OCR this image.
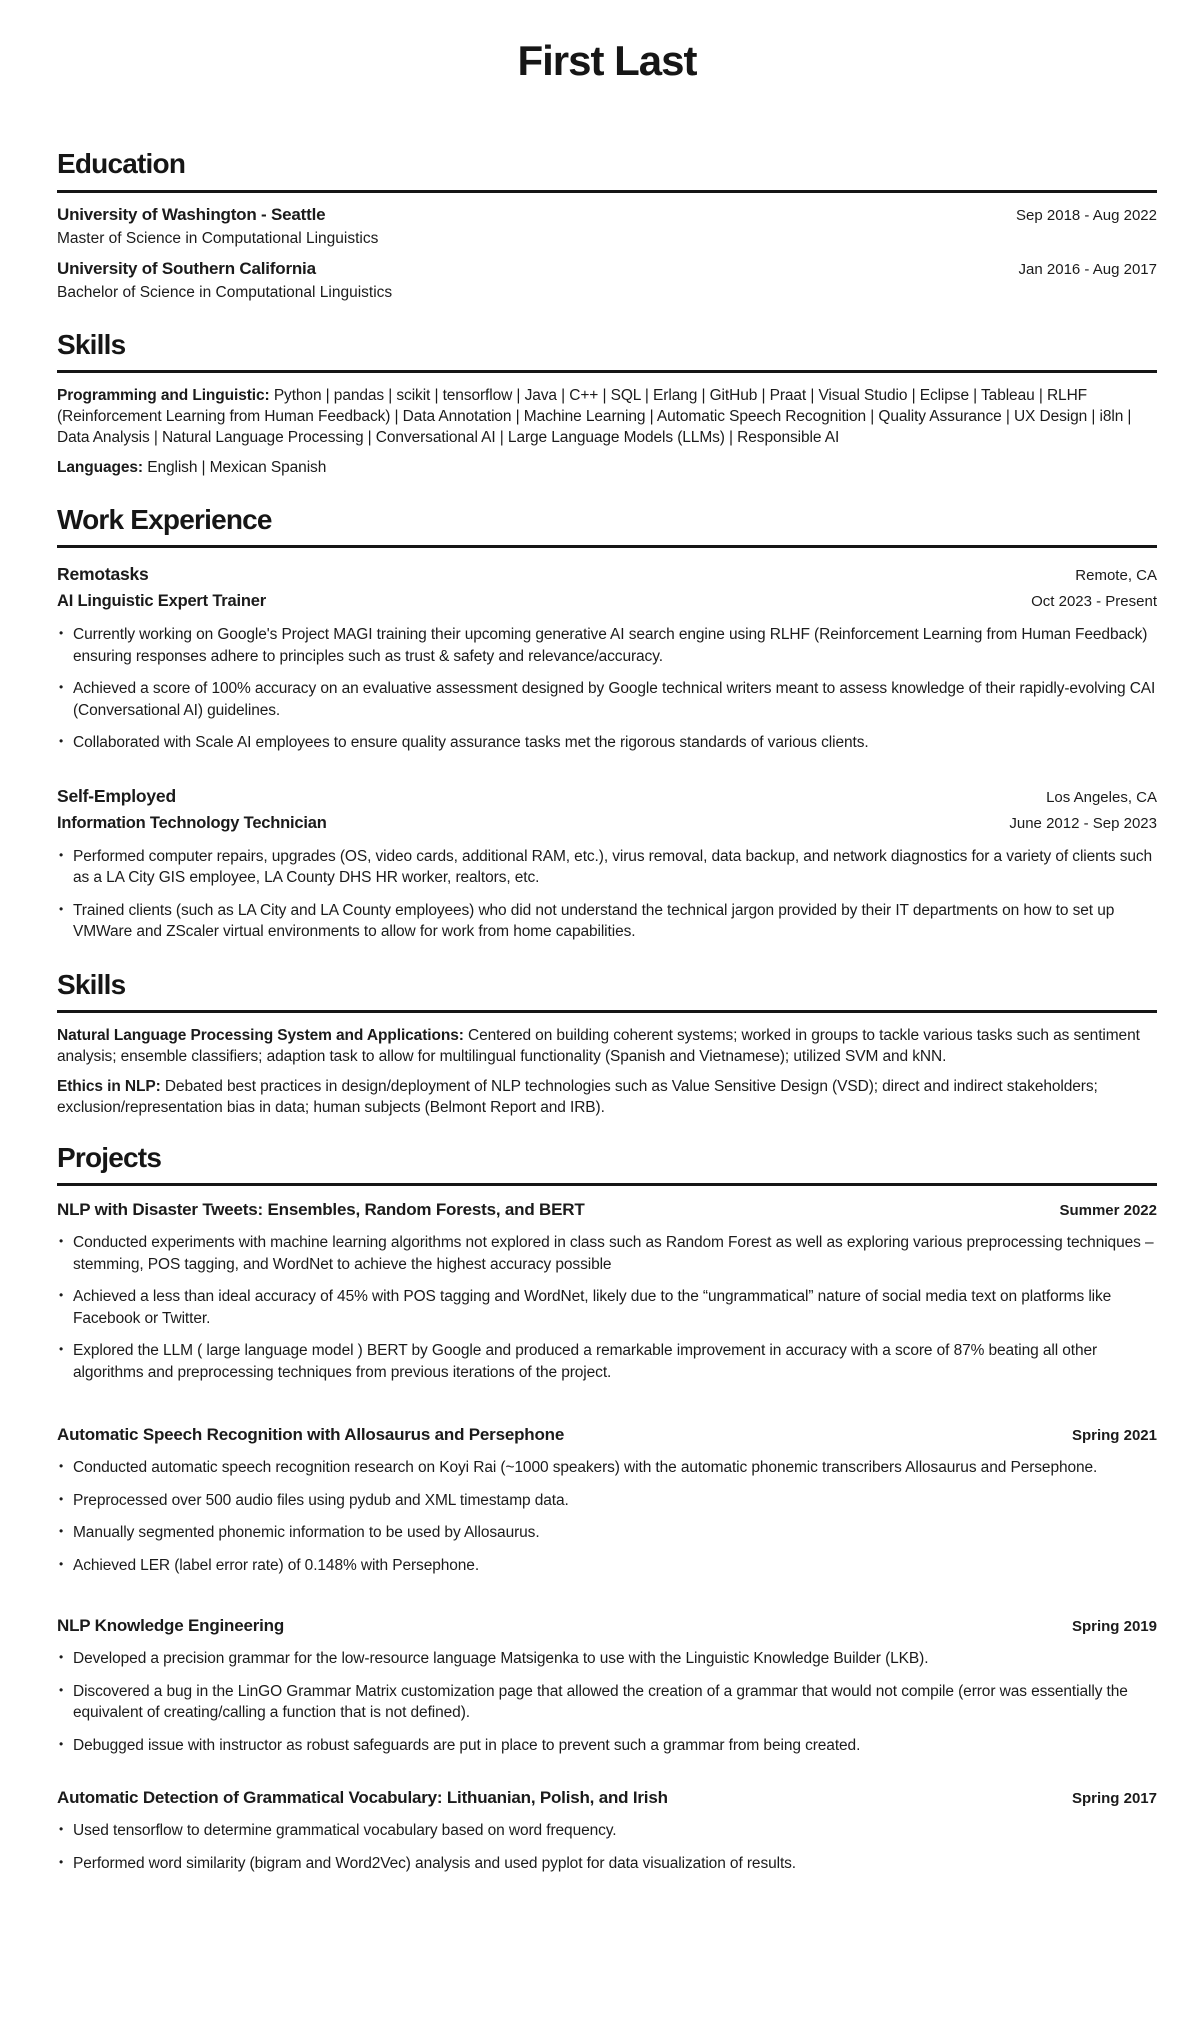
First Last
Education
University of Washington - Seattle	Sep 2018 - Aug 2022
Master of Science in Computational Linguistics
University of Southern California	Jan 2016 - Aug 2017
Bachelor of Science in Computational Linguistics
Skills

Programming and Linguistic: Python | pandas | scikit | tensorflow | Java | C++ | SQL | Erlang | GitHub | Praat | Visual Studio | Eclipse | Tableau | RLHF (Reinforcement Learning from Human Feedback) | Data Annotation | Machine Learning | Automatic Speech Recognition | Quality Assurance | UX Design | i8ln | Data Analysis | Natural Language Processing | Conversational AI | Large Language Models (LLMs) | Responsible AI

Languages: English | Mexican Spanish

Work Experience
Remotasks	Remote, CA
AI Linguistic Expert Trainer	Oct 2023 - Present
• Currently working on Google's Project MAGI training their upcoming generative AI search engine using RLHF (Reinforcement Learning from Human Feedback) ensuring responses adhere to principles such as trust & safety and relevance/accuracy.
• Achieved a score of 100% accuracy on an evaluative assessment designed by Google technical writers meant to assess knowledge of their rapidly-evolving CAI (Conversational AI) guidelines.
• Collaborated with Scale AI employees to ensure quality assurance tasks met the rigorous standards of various clients.
Self-Employed	Los Angeles, CA
Information Technology Technician	June 2012 - Sep 2023
• Performed computer repairs, upgrades (OS, video cards, additional RAM, etc.), virus removal, data backup, and network diagnostics for a variety of clients such as a LA City GIS employee, LA County DHS HR worker, realtors, etc.
• Trained clients (such as LA City and LA County employees) who did not understand the technical jargon provided by their IT departments on how to set up VMWare and ZScaler virtual environments to allow for work from home capabilities.
Skills

Natural Language Processing System and Applications: Centered on building coherent systems; worked in groups to tackle various tasks such as sentiment analysis; ensemble classifiers; adaption task to allow for multilingual functionality (Spanish and Vietnamese); utilized SVM and kNN.

Ethics in NLP: Debated best practices in design/deployment of NLP technologies such as Value Sensitive Design (VSD); direct and indirect stakeholders; exclusion/representation bias in data; human subjects (Belmont Report and IRB).

Projects
NLP with Disaster Tweets: Ensembles, Random Forests, and BERT	Summer 2022
• Conducted experiments with machine learning algorithms not explored in class such as Random Forest as well as exploring various preprocessing techniques – stemming, POS tagging, and WordNet to achieve the highest accuracy possible
• Achieved a less than ideal accuracy of 45% with POS tagging and WordNet, likely due to the “ungrammatical” nature of social media text on platforms like Facebook or Twitter.
• Explored the LLM ( large language model ) BERT by Google and produced a remarkable improvement in accuracy with a score of 87% beating all other algorithms and preprocessing techniques from previous iterations of the project.
Automatic Speech Recognition with Allosaurus and Persephone	Spring 2021
• Conducted automatic speech recognition research on Koyi Rai (~1000 speakers) with the automatic phonemic transcribers Allosaurus and Persephone.
• Preprocessed over 500 audio files using pydub and XML timestamp data.
• Manually segmented phonemic information to be used by Allosaurus.
• Achieved LER (label error rate) of 0.148% with Persephone.
NLP Knowledge Engineering	Spring 2019
• Developed a precision grammar for the low-resource language Matsigenka to use with the Linguistic Knowledge Builder (LKB).
• Discovered a bug in the LinGO Grammar Matrix customization page that allowed the creation of a grammar that would not compile (error was essentially the equivalent of creating/calling a function that is not defined).
• Debugged issue with instructor as robust safeguards are put in place to prevent such a grammar from being created.
Automatic Detection of Grammatical Vocabulary: Lithuanian, Polish, and Irish	Spring 2017
• Used tensorflow to determine grammatical vocabulary based on word frequency.
• Performed word similarity (bigram and Word2Vec) analysis and used pyplot for data visualization of results.
